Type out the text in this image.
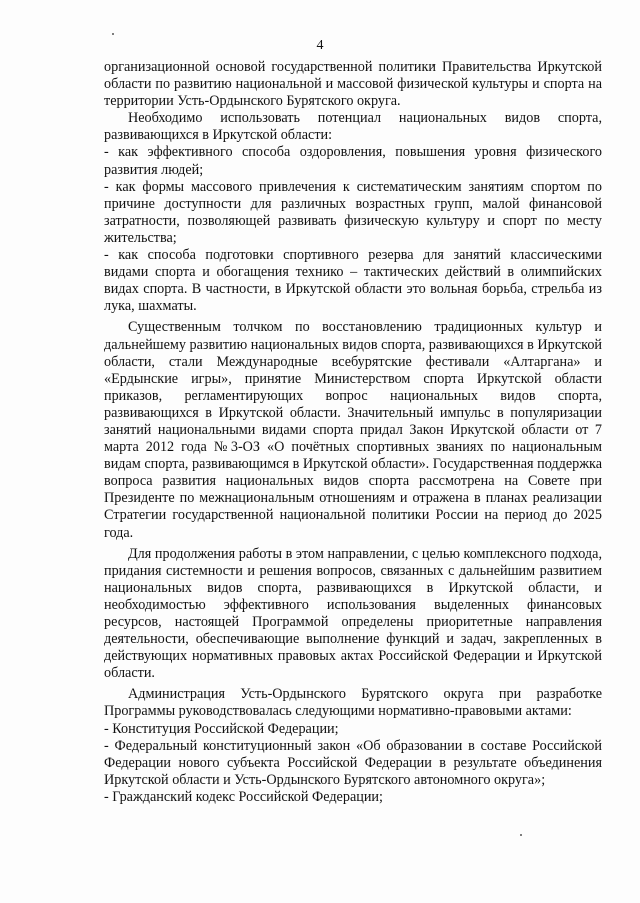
4

организационной основой государственной политики Правительства Иркутской области по развитию национальной и массовой физической культуры и спорта на территории Усть-Ордынского Бурятского округа.

Необходимо использовать потенциал национальных видов спорта, развивающихся в Иркутской области:

- как эффективного способа оздоровления, повышения уровня физического развития людей;

- как формы массового привлечения к систематическим занятиям спортом по причине доступности для различных возрастных групп, малой финансовой затратности, позволяющей развивать физическую культуру и спорт по месту жительства;

- как способа подготовки спортивного резерва для занятий классическими видами спорта и обогащения технико – тактических действий в олимпийских видах спорта. В частности, в Иркутской области это вольная борьба, стрельба из лука, шахматы.

Существенным толчком по восстановлению традиционных культур и дальнейшему развитию национальных видов спорта, развивающихся в Иркутской области, стали Международные всебурятские фестивали «Алтаргана» и «Ердынские игры», принятие Министерством спорта Иркутской области приказов, регламентирующих вопрос национальных видов спорта, развивающихся в Иркутской области. Значительный импульс в популяризации занятий национальными видами спорта придал Закон Иркутской области от 7 марта 2012 года №3-ОЗ «О почётных спортивных званиях по национальным видам спорта, развивающимся в Иркутской области». Государственная поддержка вопроса развития национальных видов спорта рассмотрена на Совете при Президенте по межнациональным отношениям и отражена в планах реализации Стратегии государственной национальной политики России на период до 2025 года.

Для продолжения работы в этом направлении, с целью комплексного подхода, придания системности и решения вопросов, связанных с дальнейшим развитием национальных видов спорта, развивающихся в Иркутской области, и необходимостью эффективного использования выделенных финансовых ресурсов, настоящей Программой определены приоритетные направления деятельности, обеспечивающие выполнение функций и задач, закрепленных в действующих нормативных правовых актах Российской Федерации и Иркутской области.

Администрация Усть-Ордынского Бурятского округа при разработке Программы руководствовалась следующими нормативно-правовыми актами:

- Конституция Российской Федерации;

- Федеральный конституционный закон «Об образовании в составе Российской Федерации нового субъекта Российской Федерации в результате объединения Иркутской области и Усть-Ордынского Бурятского автономного округа»;

- Гражданский кодекс Российской Федерации;
